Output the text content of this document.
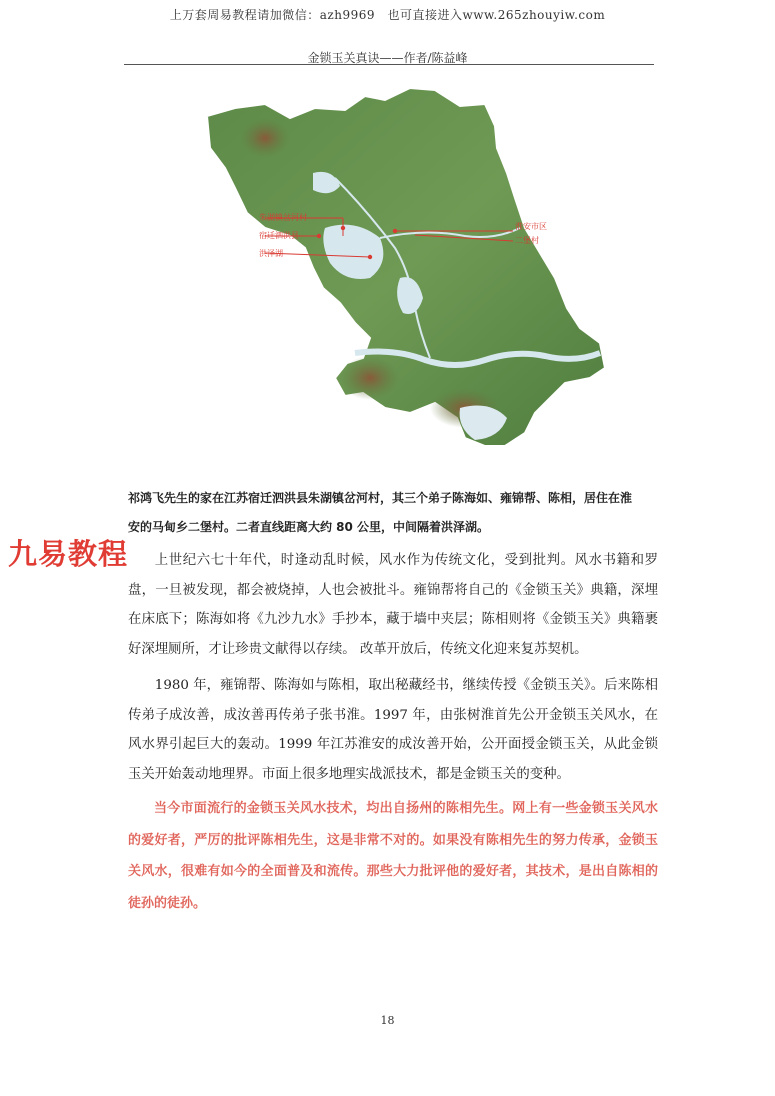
上万套周易教程请加微信：azh9969　也可直接进入www.265zhouyiw.com
金锁玉关真诀——作者/陈益峰
朱湖镇岔河村
宿迁泗洪县
洪泽湖
淮安市区
二堡村
祁鸿飞先生的家在江苏宿迁泗洪县朱湖镇岔河村，其三个弟子陈海如、雍锦帮、陈相，居住在淮
安的马甸乡二堡村。二者直线距离大约 80 公里，中间隔着洪泽湖。
九易教程	上世纪六七十年代，时逢动乱时候，风水作为传统文化，受到批判。风水书籍和罗盘，一旦被发现，都会被烧掉，人也会被批斗。雍锦帮将自己的《金锁玉关》典籍，深埋在床底下；陈海如将《九沙九水》手抄本，藏于墙中夹层；陈相则将《金锁玉关》典籍裹好深埋厕所，才让珍贵文献得以存续。 改革开放后，传统文化迎来复苏契机。
1980 年，雍锦帮、陈海如与陈相，取出秘藏经书，继续传授《金锁玉关》。后来陈相传弟子成汝善，成汝善再传弟子张书淮。1997 年，由张树淮首先公开金锁玉关风水，在风水界引起巨大的轰动。1999 年江苏淮安的成汝善开始，公开面授金锁玉关，从此金锁玉关开始轰动地理界。市面上很多地理实战派技术，都是金锁玉关的变种。
当今市面流行的金锁玉关风水技术，均出自扬州的陈相先生。网上有一些金锁玉关风水的爱好者，严厉的批评陈相先生，这是非常不对的。如果没有陈相先生的努力传承，金锁玉关风水，很难有如今的全面普及和流传。那些大力批评他的爱好者，其技术，是出自陈相的徒孙的徒孙。
18
